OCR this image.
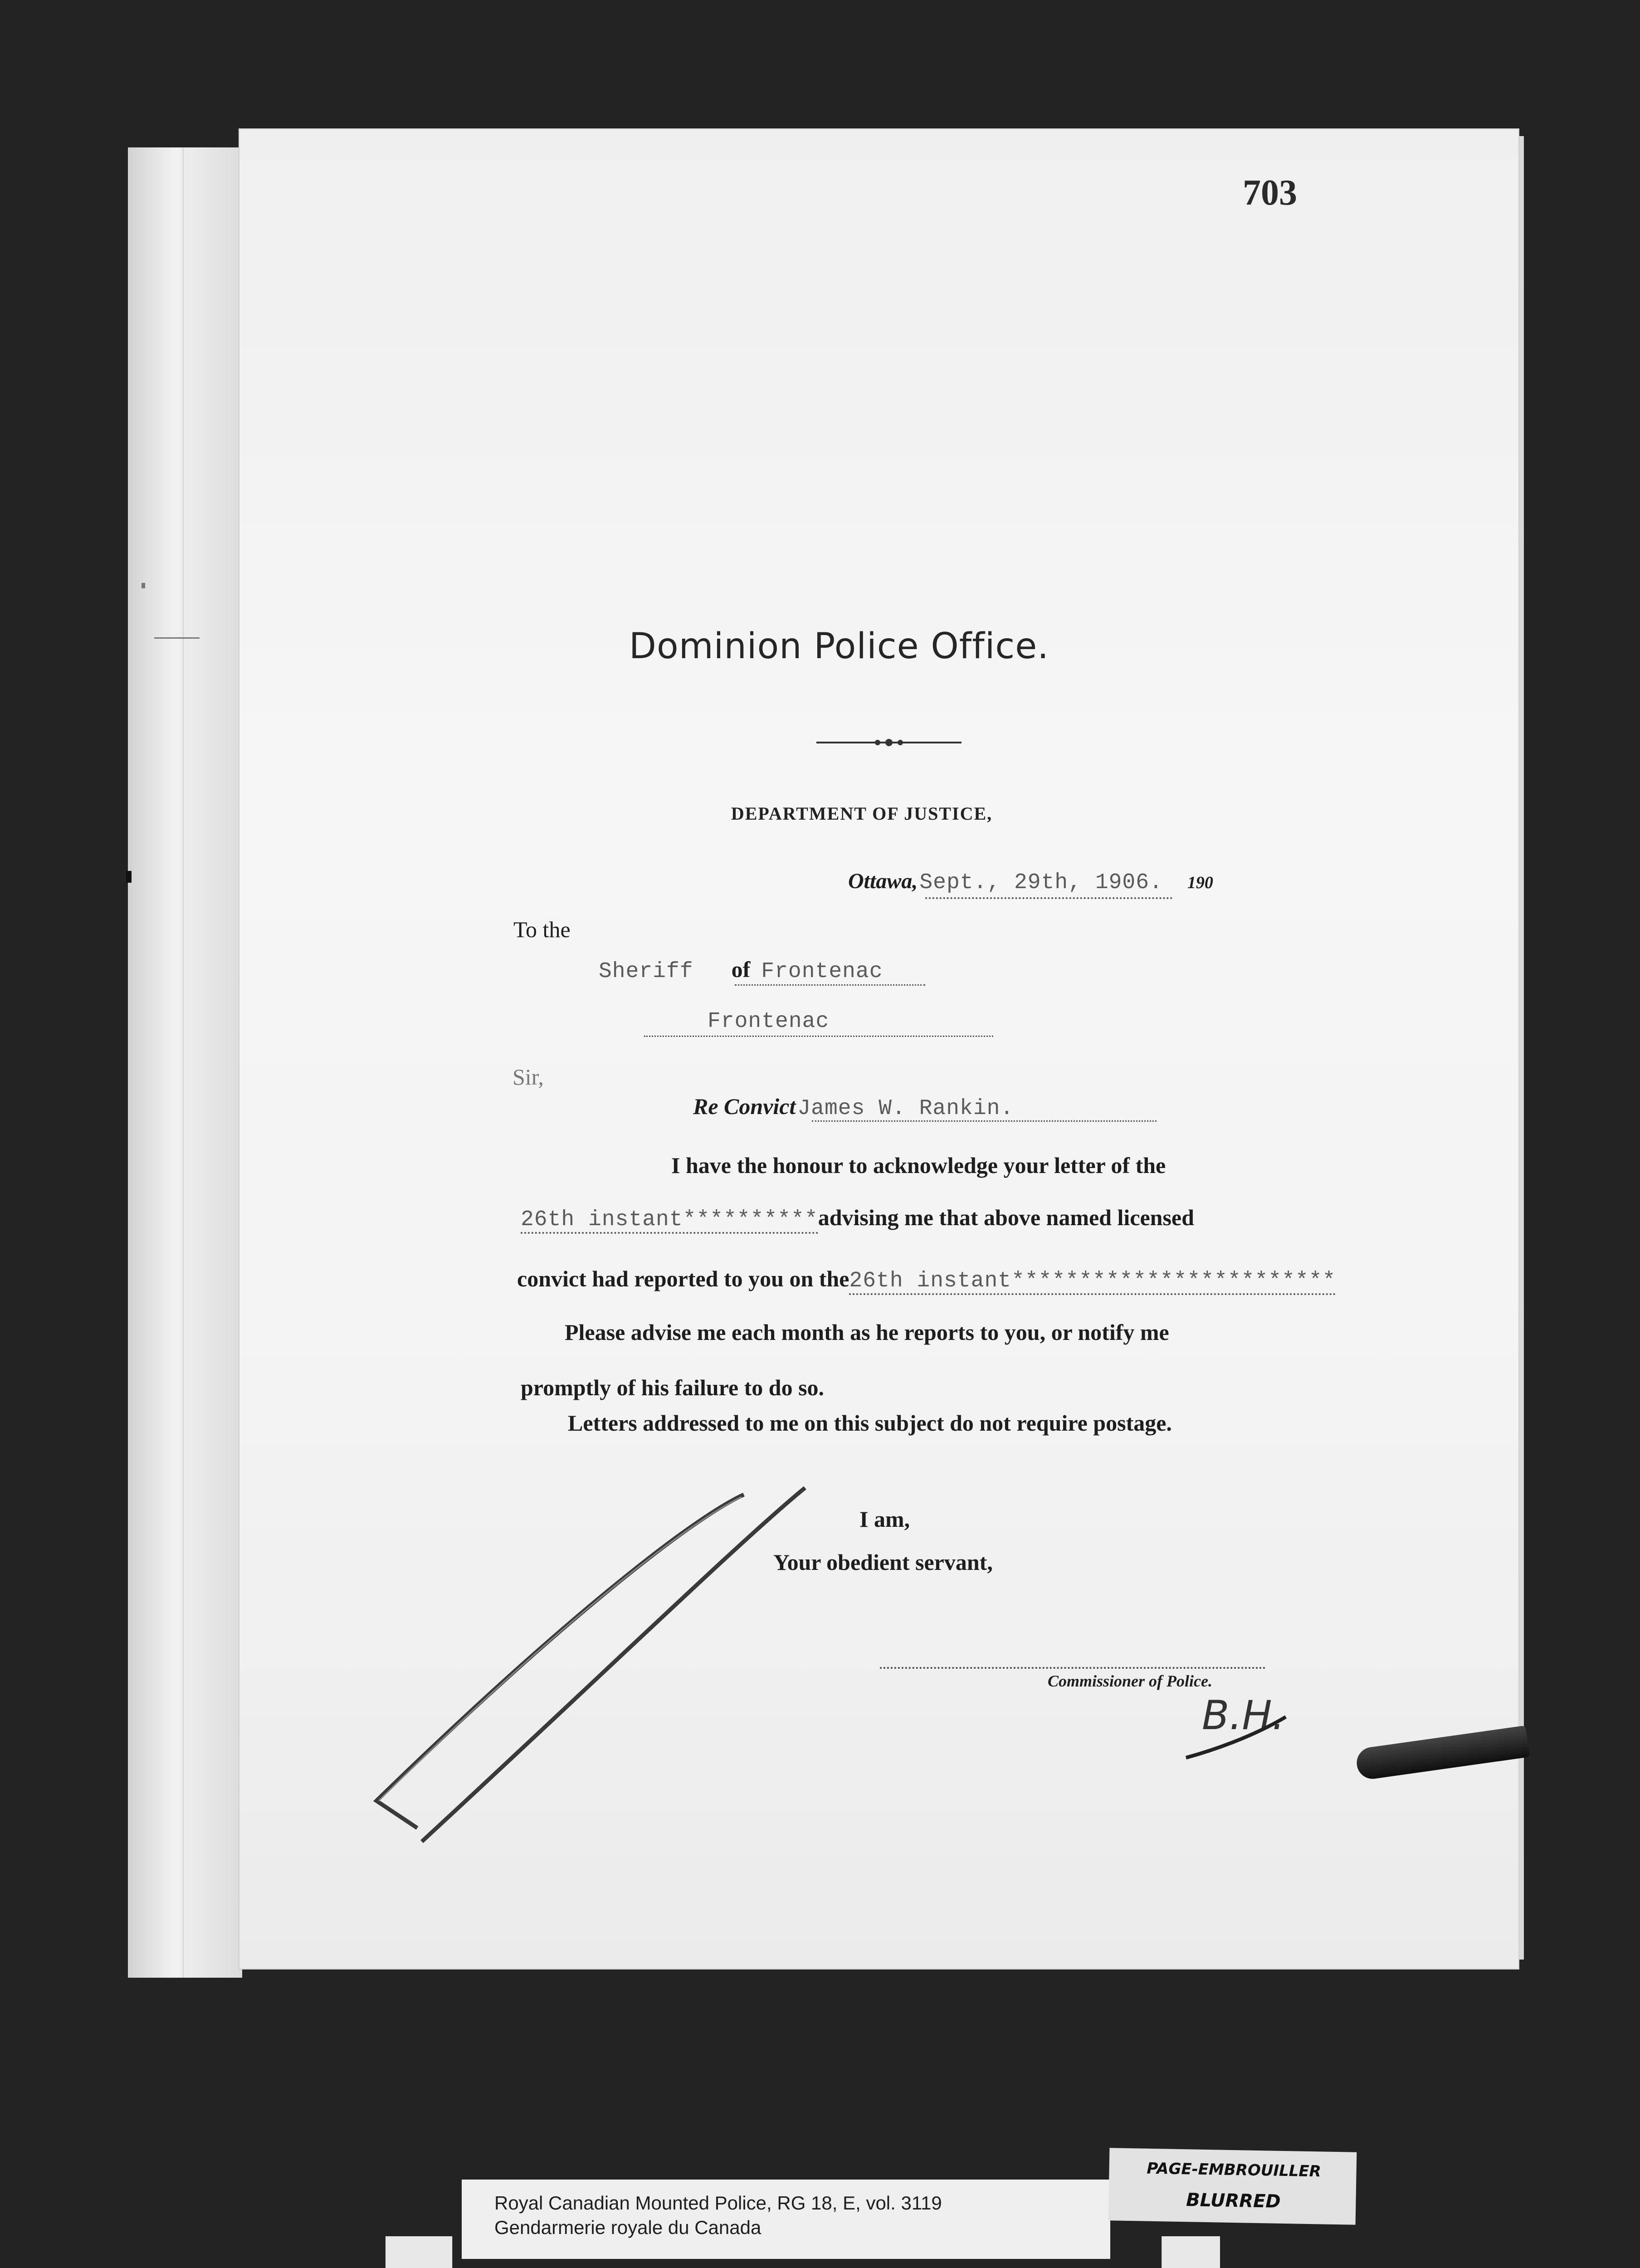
703
Dominion Police Office.
DEPARTMENT OF JUSTICE,
Ottawa, Sept., 29th, 1906. 190
To the
Sheriff of Frontenac
Frontenac
Sir,
Re Convict James W. Rankin.
I have the honour to acknowledge your letter of the
26th instant**********advising me that above named licensed
convict had reported to you on the26th instant************************
Please advise me each month as he reports to you, or notify me
promptly of his failure to do so.
Letters addressed to me on this subject do not require postage.
I am,
Your obedient servant,
Commissioner of Police.
B.H.
Royal Canadian Mounted Police, RG 18, E, vol. 3119
Gendarmerie royale du Canada
PAGE-EMBROUILLER
BLURRED
